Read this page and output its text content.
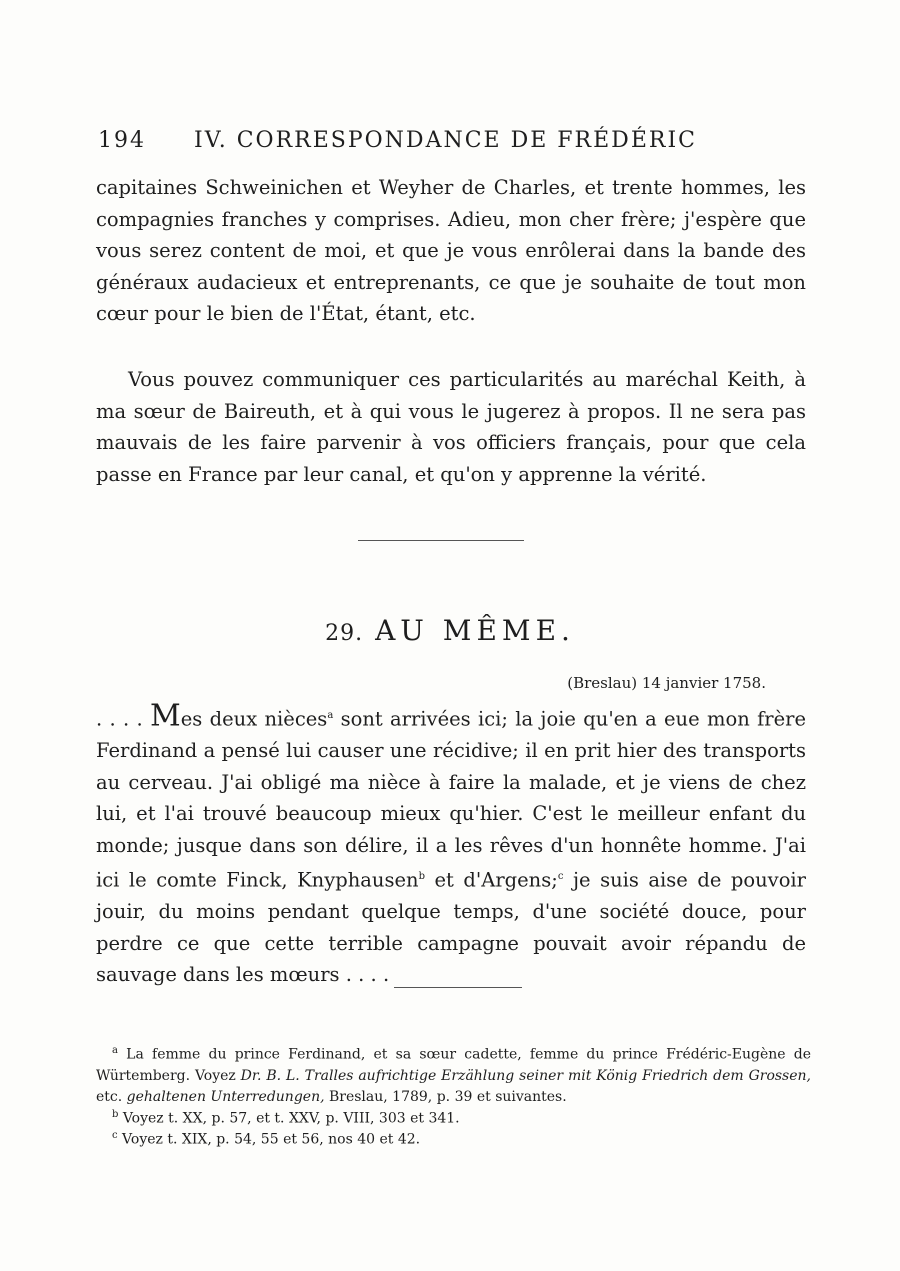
194 IV. CORRESPONDANCE DE FRÉDÉRIC

capitaines Schweinichen et Weyher de Charles, et trente hommes, les compagnies franches y comprises. Adieu, mon cher frère; j'espère que vous serez content de moi, et que je vous enrôlerai dans la bande des généraux audacieux et entreprenants, ce que je souhaite de tout mon cœur pour le bien de l'État, étant, etc.

Vous pouvez communiquer ces particularités au maréchal Keith, à ma sœur de Baireuth, et à qui vous le jugerez à propos. Il ne sera pas mauvais de les faire parvenir à vos officiers français, pour que cela passe en France par leur canal, et qu'on y apprenne la vérité.

29. AU MÊME.
(Breslau) 14 janvier 1758.

. . . . Mes deux nièces$^a$ sont arrivées ici; la joie qu'en a eue mon frère Ferdinand a pensé lui causer une récidive; il en prit hier des transports au cerveau. J'ai obligé ma nièce à faire la malade, et je viens de chez lui, et l'ai trouvé beaucoup mieux qu'hier. C'est le meilleur enfant du monde; jusque dans son délire, il a les rêves d'un honnête homme. J'ai ici le comte Finck, Knyphausen$^b$ et d'Argens;$^c$ je suis aise de pouvoir jouir, du moins pendant quelque temps, d'une société douce, pour perdre ce que cette terrible campagne pouvait avoir répandu de sauvage dans les mœurs . . . .

$^a$ La femme du prince Ferdinand, et sa sœur cadette, femme du prince Frédéric-Eugène de Würtemberg. Voyez Dr. B. L. Tralles aufrichtige Erzählung seiner mit König Friedrich dem Grossen, etc. gehaltenen Unterredungen, Breslau, 1789, p. 39 et suivantes.

$^b$ Voyez t. XX, p. 57, et t. XXV, p. VIII, 303 et 341.

$^c$ Voyez t. XIX, p. 54, 55 et 56, nos 40 et 42.
